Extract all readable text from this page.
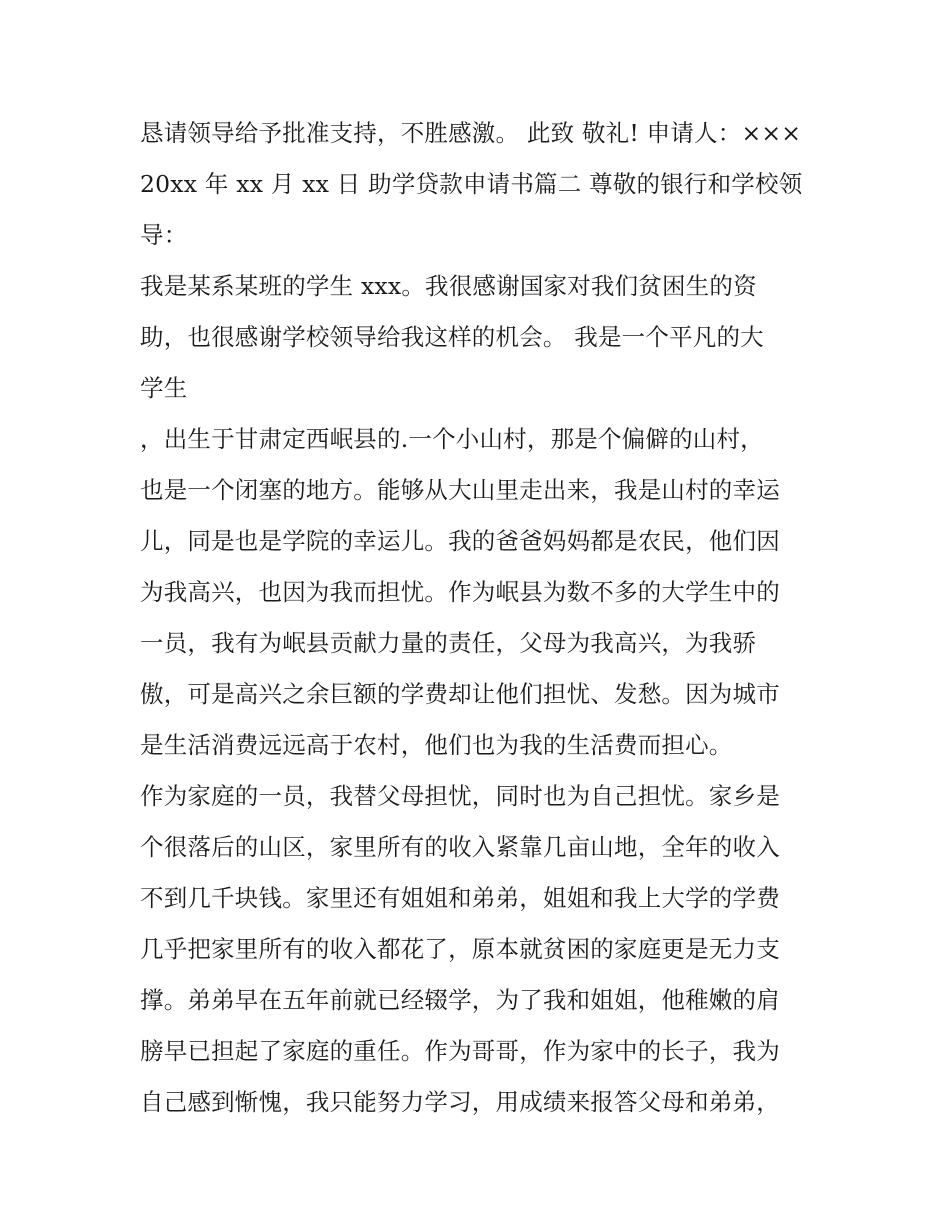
恳请领导给予批准支持，不胜感激。 此致 敬礼! 申请人：×××
20xx 年 xx 月 xx 日 助学贷款申请书篇二 尊敬的银行和学校领
导：
我是某系某班的学生 xxx。我很感谢国家对我们贫困生的资
助，也很感谢学校领导给我这样的机会。 我是一个平凡的大
学生
，出生于甘肃定西岷县的.一个小山村，那是个偏僻的山村，
也是一个闭塞的地方。能够从大山里走出来，我是山村的幸运
儿，同是也是学院的幸运儿。我的爸爸妈妈都是农民，他们因
为我高兴，也因为我而担忧。作为岷县为数不多的大学生中的
一员，我有为岷县贡献力量的责任，父母为我高兴，为我骄
傲，可是高兴之余巨额的学费却让他们担忧、发愁。因为城市
是生活消费远远高于农村，他们也为我的生活费而担心。
作为家庭的一员，我替父母担忧，同时也为自己担忧。家乡是
个很落后的山区，家里所有的收入紧靠几亩山地，全年的收入
不到几千块钱。家里还有姐姐和弟弟，姐姐和我上大学的学费
几乎把家里所有的收入都花了，原本就贫困的家庭更是无力支
撑。弟弟早在五年前就已经辍学，为了我和姐姐，他稚嫩的肩
膀早已担起了家庭的重任。作为哥哥，作为家中的长子，我为
自己感到惭愧，我只能努力学习，用成绩来报答父母和弟弟，
